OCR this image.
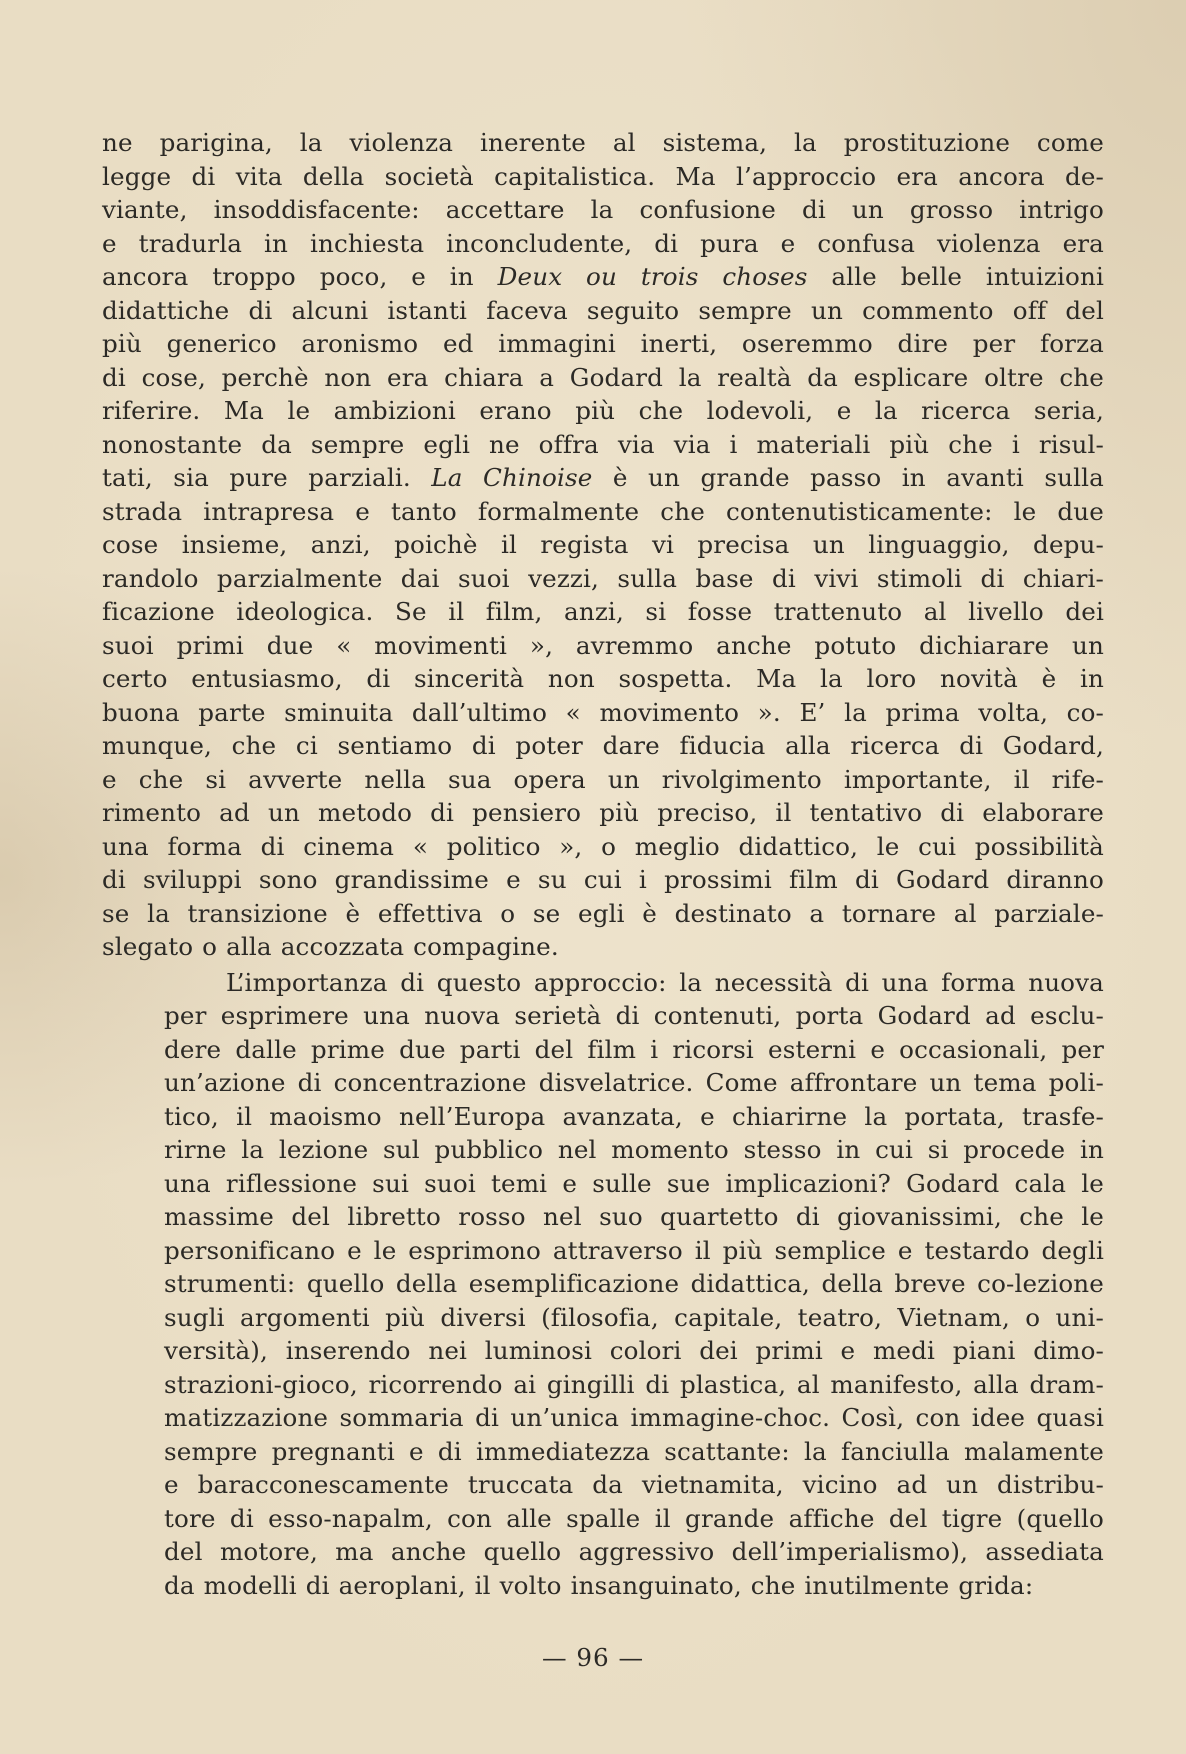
ne parigina, la violenza inerente al sistema, la prostituzione come
legge di vita della società capitalistica. Ma l’approccio era ancora de-
viante, insoddisfacente: accettare la confusione di un grosso intrigo
e tradurla in inchiesta inconcludente, di pura e confusa violenza era
ancora troppo poco, e in Deux ou trois choses alle belle intuizioni
didattiche di alcuni istanti faceva seguito sempre un commento off del
più generico aronismo ed immagini inerti, oseremmo dire per forza
di cose, perchè non era chiara a Godard la realtà da esplicare oltre che
riferire. Ma le ambizioni erano più che lodevoli, e la ricerca seria,
nonostante da sempre egli ne offra via via i materiali più che i risul-
tati, sia pure parziali. La Chinoise è un grande passo in avanti sulla
strada intrapresa e tanto formalmente che contenutisticamente: le due
cose insieme, anzi, poichè il regista vi precisa un linguaggio, depu-
randolo parzialmente dai suoi vezzi, sulla base di vivi stimoli di chiari-
ficazione ideologica. Se il film, anzi, si fosse trattenuto al livello dei
suoi primi due « movimenti », avremmo anche potuto dichiarare un
certo entusiasmo, di sincerità non sospetta. Ma la loro novità è in
buona parte sminuita dall’ultimo « movimento ». E’ la prima volta, co-
munque, che ci sentiamo di poter dare fiducia alla ricerca di Godard,
e che si avverte nella sua opera un rivolgimento importante, il rife-
rimento ad un metodo di pensiero più preciso, il tentativo di elaborare
una forma di cinema « politico », o meglio didattico, le cui possibilità
di sviluppi sono grandissime e su cui i prossimi film di Godard diranno
se la transizione è effettiva o se egli è destinato a tornare al parziale-
slegato o alla accozzata compagine.
L’importanza di questo approccio: la necessità di una forma nuova
per esprimere una nuova serietà di contenuti, porta Godard ad esclu-
dere dalle prime due parti del film i ricorsi esterni e occasionali, per
un’azione di concentrazione disvelatrice. Come affrontare un tema poli-
tico, il maoismo nell’Europa avanzata, e chiarirne la portata, trasfe-
rirne la lezione sul pubblico nel momento stesso in cui si procede in
una riflessione sui suoi temi e sulle sue implicazioni? Godard cala le
massime del libretto rosso nel suo quartetto di giovanissimi, che le
personificano e le esprimono attraverso il più semplice e testardo degli
strumenti: quello della esemplificazione didattica, della breve co-lezione
sugli argomenti più diversi (filosofia, capitale, teatro, Vietnam, o uni-
versità), inserendo nei luminosi colori dei primi e medi piani dimo-
strazioni-gioco, ricorrendo ai gingilli di plastica, al manifesto, alla dram-
matizzazione sommaria di un’unica immagine-choc. Così, con idee quasi
sempre pregnanti e di immediatezza scattante: la fanciulla malamente
e baracconescamente truccata da vietnamita, vicino ad un distribu-
tore di esso-napalm, con alle spalle il grande affiche del tigre (quello
del motore, ma anche quello aggressivo dell’imperialismo), assediata
da modelli di aeroplani, il volto insanguinato, che inutilmente grida:
— 96 —
